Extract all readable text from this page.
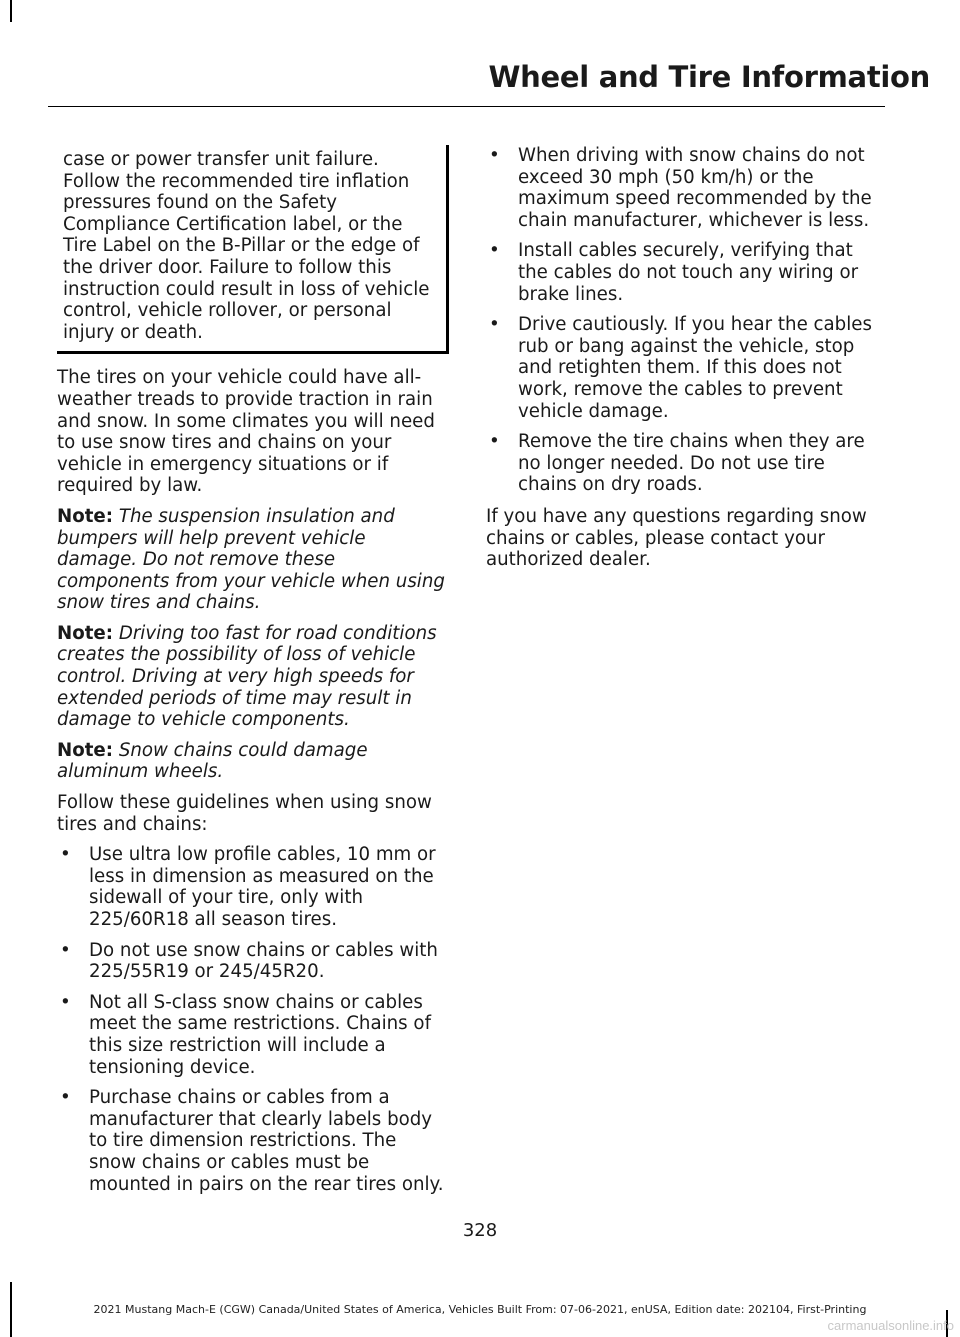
Wheel and Tire Information
case or power transfer unit failure. Follow the recommended tire inflation pressures found on the Safety Compliance Certification label, or the Tire Label on the B-Pillar or the edge of the driver door. Failure to follow this instruction could result in loss of vehicle control, vehicle rollover, or personal injury or death.

The tires on your vehicle could have all-weather treads to provide traction in rain and snow. In some climates you will need to use snow tires and chains on your vehicle in emergency situations or if required by law.

Note: The suspension insulation and bumpers will help prevent vehicle damage. Do not remove these components from your vehicle when using snow tires and chains.

Note: Driving too fast for road conditions creates the possibility of loss of vehicle control. Driving at very high speeds for extended periods of time may result in damage to vehicle components.

Note: Snow chains could damage aluminum wheels.

Follow these guidelines when using snow tires and chains:

• Use ultra low profile cables, 10 mm or less in dimension as measured on the sidewall of your tire, only with 225/60R18 all season tires.
• Do not use snow chains or cables with 225/55R19 or 245/45R20.
• Not all S-class snow chains or cables meet the same restrictions. Chains of this size restriction will include a tensioning device.
• Purchase chains or cables from a manufacturer that clearly labels body to tire dimension restrictions. The snow chains or cables must be mounted in pairs on the rear tires only.
• When driving with snow chains do not exceed 30 mph (50 km/h) or the maximum speed recommended by the chain manufacturer, whichever is less.
• Install cables securely, verifying that the cables do not touch any wiring or brake lines.
• Drive cautiously. If you hear the cables rub or bang against the vehicle, stop and retighten them. If this does not work, remove the cables to prevent vehicle damage.
• Remove the tire chains when they are no longer needed. Do not use tire chains on dry roads.

If you have any questions regarding snow chains or cables, please contact your authorized dealer.

328
2021 Mustang Mach-E (CGW) Canada/United States of America, Vehicles Built From: 07-06-2021, enUSA, Edition date: 202104, First-Printing
carmanualsonline.info
